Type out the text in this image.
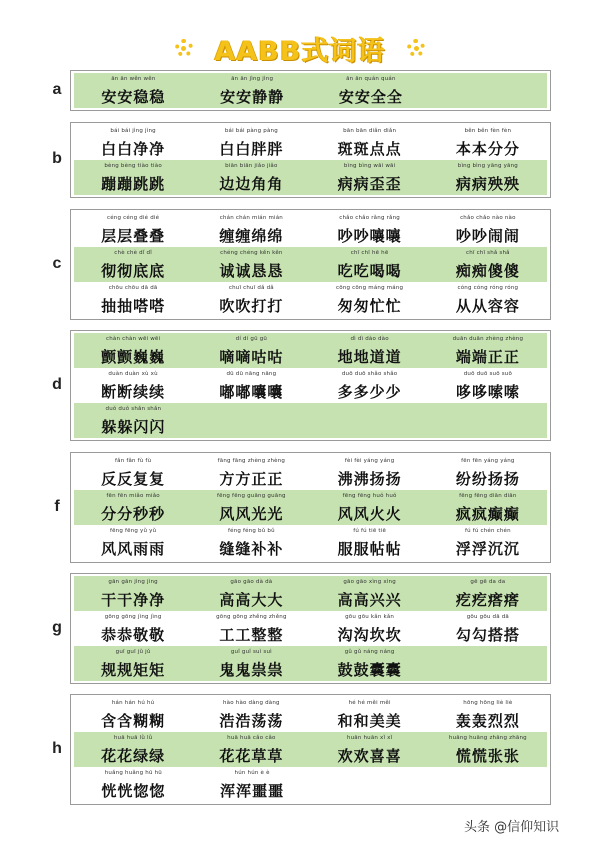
AABB式词语
a
ān ān wěn wěn
安安稳稳
ān ān jìng jìng
安安静静
ān ān quán quán
安安全全
b
bái bái jìng jìng
白白净净
bái bái pàng pàng
白白胖胖
bān bān diǎn diǎn
斑斑点点
běn běn fèn fèn
本本分分
bèng bèng tiào tiào
蹦蹦跳跳
biān biān jiǎo jiǎo
边边角角
bìng bìng wāi wāi
病病歪歪
bìng bìng yāng yāng
病病殃殃
c
céng céng dié dié
层层叠叠
chán chán mián mián
缠缠绵绵
chǎo chǎo rǎng rǎng
吵吵嚷嚷
chǎo chǎo nào nào
吵吵闹闹
chè chè dǐ dǐ
彻彻底底
chéng chéng kěn kěn
诚诚恳恳
chī chī hē hē
吃吃喝喝
chī chī shǎ shǎ
痴痴傻傻
chōu chōu dā dā
抽抽嗒嗒
chuī chuī dǎ dǎ
吹吹打打
cōng cōng máng máng
匆匆忙忙
cóng cóng róng róng
从从容容
d
chàn chàn wēi wēi
颤颤巍巍
dí dí gū gū
嘀嘀咕咕
dì dì dào dào
地地道道
duān duān zhèng zhèng
端端正正
duàn duàn xù xù
断断续续
dū dū nāng nāng
嘟嘟囔囔
duō duō shǎo shǎo
多多少少
duō duō suō suō
哆哆嗦嗦
duǒ duǒ shǎn shǎn
躲躲闪闪
f
fǎn fǎn fù fù
反反复复
fāng fāng zhèng zhèng
方方正正
fèi fèi yáng yáng
沸沸扬扬
fēn fēn yáng yáng
纷纷扬扬
fēn fēn miǎo miǎo
分分秒秒
fēng fēng guāng guāng
风风光光
fēng fēng huǒ huǒ
风风火火
fēng fēng diān diān
疯疯癫癫
fēng fēng yǔ yǔ
风风雨雨
féng féng bǔ bǔ
缝缝补补
fú fú tiē tiē
服服帖帖
fú fú chén chén
浮浮沉沉
g
gān gān jìng jìng
干干净净
gāo gāo dà dà
高高大大
gāo gāo xìng xìng
高高兴兴
gē gē da da
疙疙瘩瘩
gōng gōng jìng jìng
恭恭敬敬
gōng gōng zhěng zhěng
工工整整
gōu gōu kǎn kǎn
沟沟坎坎
gōu gōu dā dā
勾勾搭搭
guī guī jǔ jǔ
规规矩矩
guǐ guǐ suì suì
鬼鬼祟祟
gǔ gǔ náng náng
鼓鼓囊囊
h
hán hán hú hú
含含糊糊
hào hào dàng dàng
浩浩荡荡
hé hé měi měi
和和美美
hōng hōng liè liè
轰轰烈烈
huā huā lǜ lǜ
花花绿绿
huā huā cǎo cǎo
花花草草
huān huān xǐ xǐ
欢欢喜喜
huāng huāng zhāng zhāng
慌慌张张
huǎng huǎng hū hū
恍恍惚惚
hún hún è è
浑浑噩噩
头条 @信仰知识
